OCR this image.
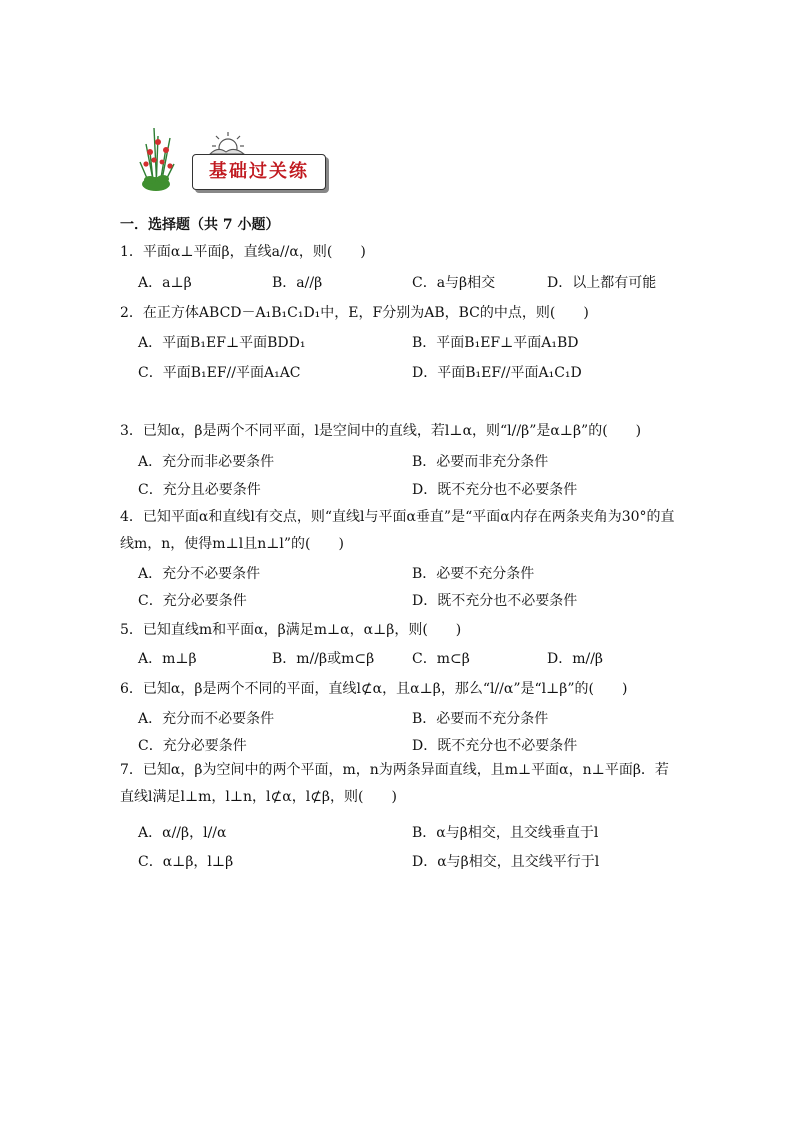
基础过关练
一．选择题（共 7 小题）
1．平面α⊥平面β，直线a//α，则(　　)
A．a⊥β	B．a//β	C．a与β相交	D．以上都有可能
2．在正方体ABCD－A₁B₁C₁D₁中，E，F分别为AB，BC的中点，则(　　)
A．平面B₁EF⊥平面BDD₁	B．平面B₁EF⊥平面A₁BD
C．平面B₁EF//平面A₁AC	D．平面B₁EF//平面A₁C₁D
3．已知α，β是两个不同平面，l是空间中的直线，若l⊥α，则“l//β”是α⊥β”的(　　)
A．充分而非必要条件	B．必要而非充分条件
C．充分且必要条件	D．既不充分也不必要条件
4．已知平面α和直线l有交点，则“直线l与平面α垂直”是“平面α内存在两条夹角为30°的直线m，n，使得m⊥l且n⊥l”的(　　)
A．充分不必要条件	B．必要不充分条件
C．充分必要条件	D．既不充分也不必要条件
5．已知直线m和平面α，β满足m⊥α，α⊥β，则(　　)
A．m⊥β	B．m//β或m⊂β	C．m⊂β	D．m//β
6．已知α，β是两个不同的平面，直线l⊄α，且α⊥β，那么“l//α”是“l⊥β”的(　　)
A．充分而不必要条件	B．必要而不充分条件
C．充分必要条件	D．既不充分也不必要条件
7．已知α，β为空间中的两个平面，m，n为两条异面直线，且m⊥平面α，n⊥平面β．若直线l满足l⊥m，l⊥n，l⊄α，l⊄β，则(　　)
A．α//β，l//α	B．α与β相交，且交线垂直于l
C．α⊥β，l⊥β	D．α与β相交，且交线平行于l
